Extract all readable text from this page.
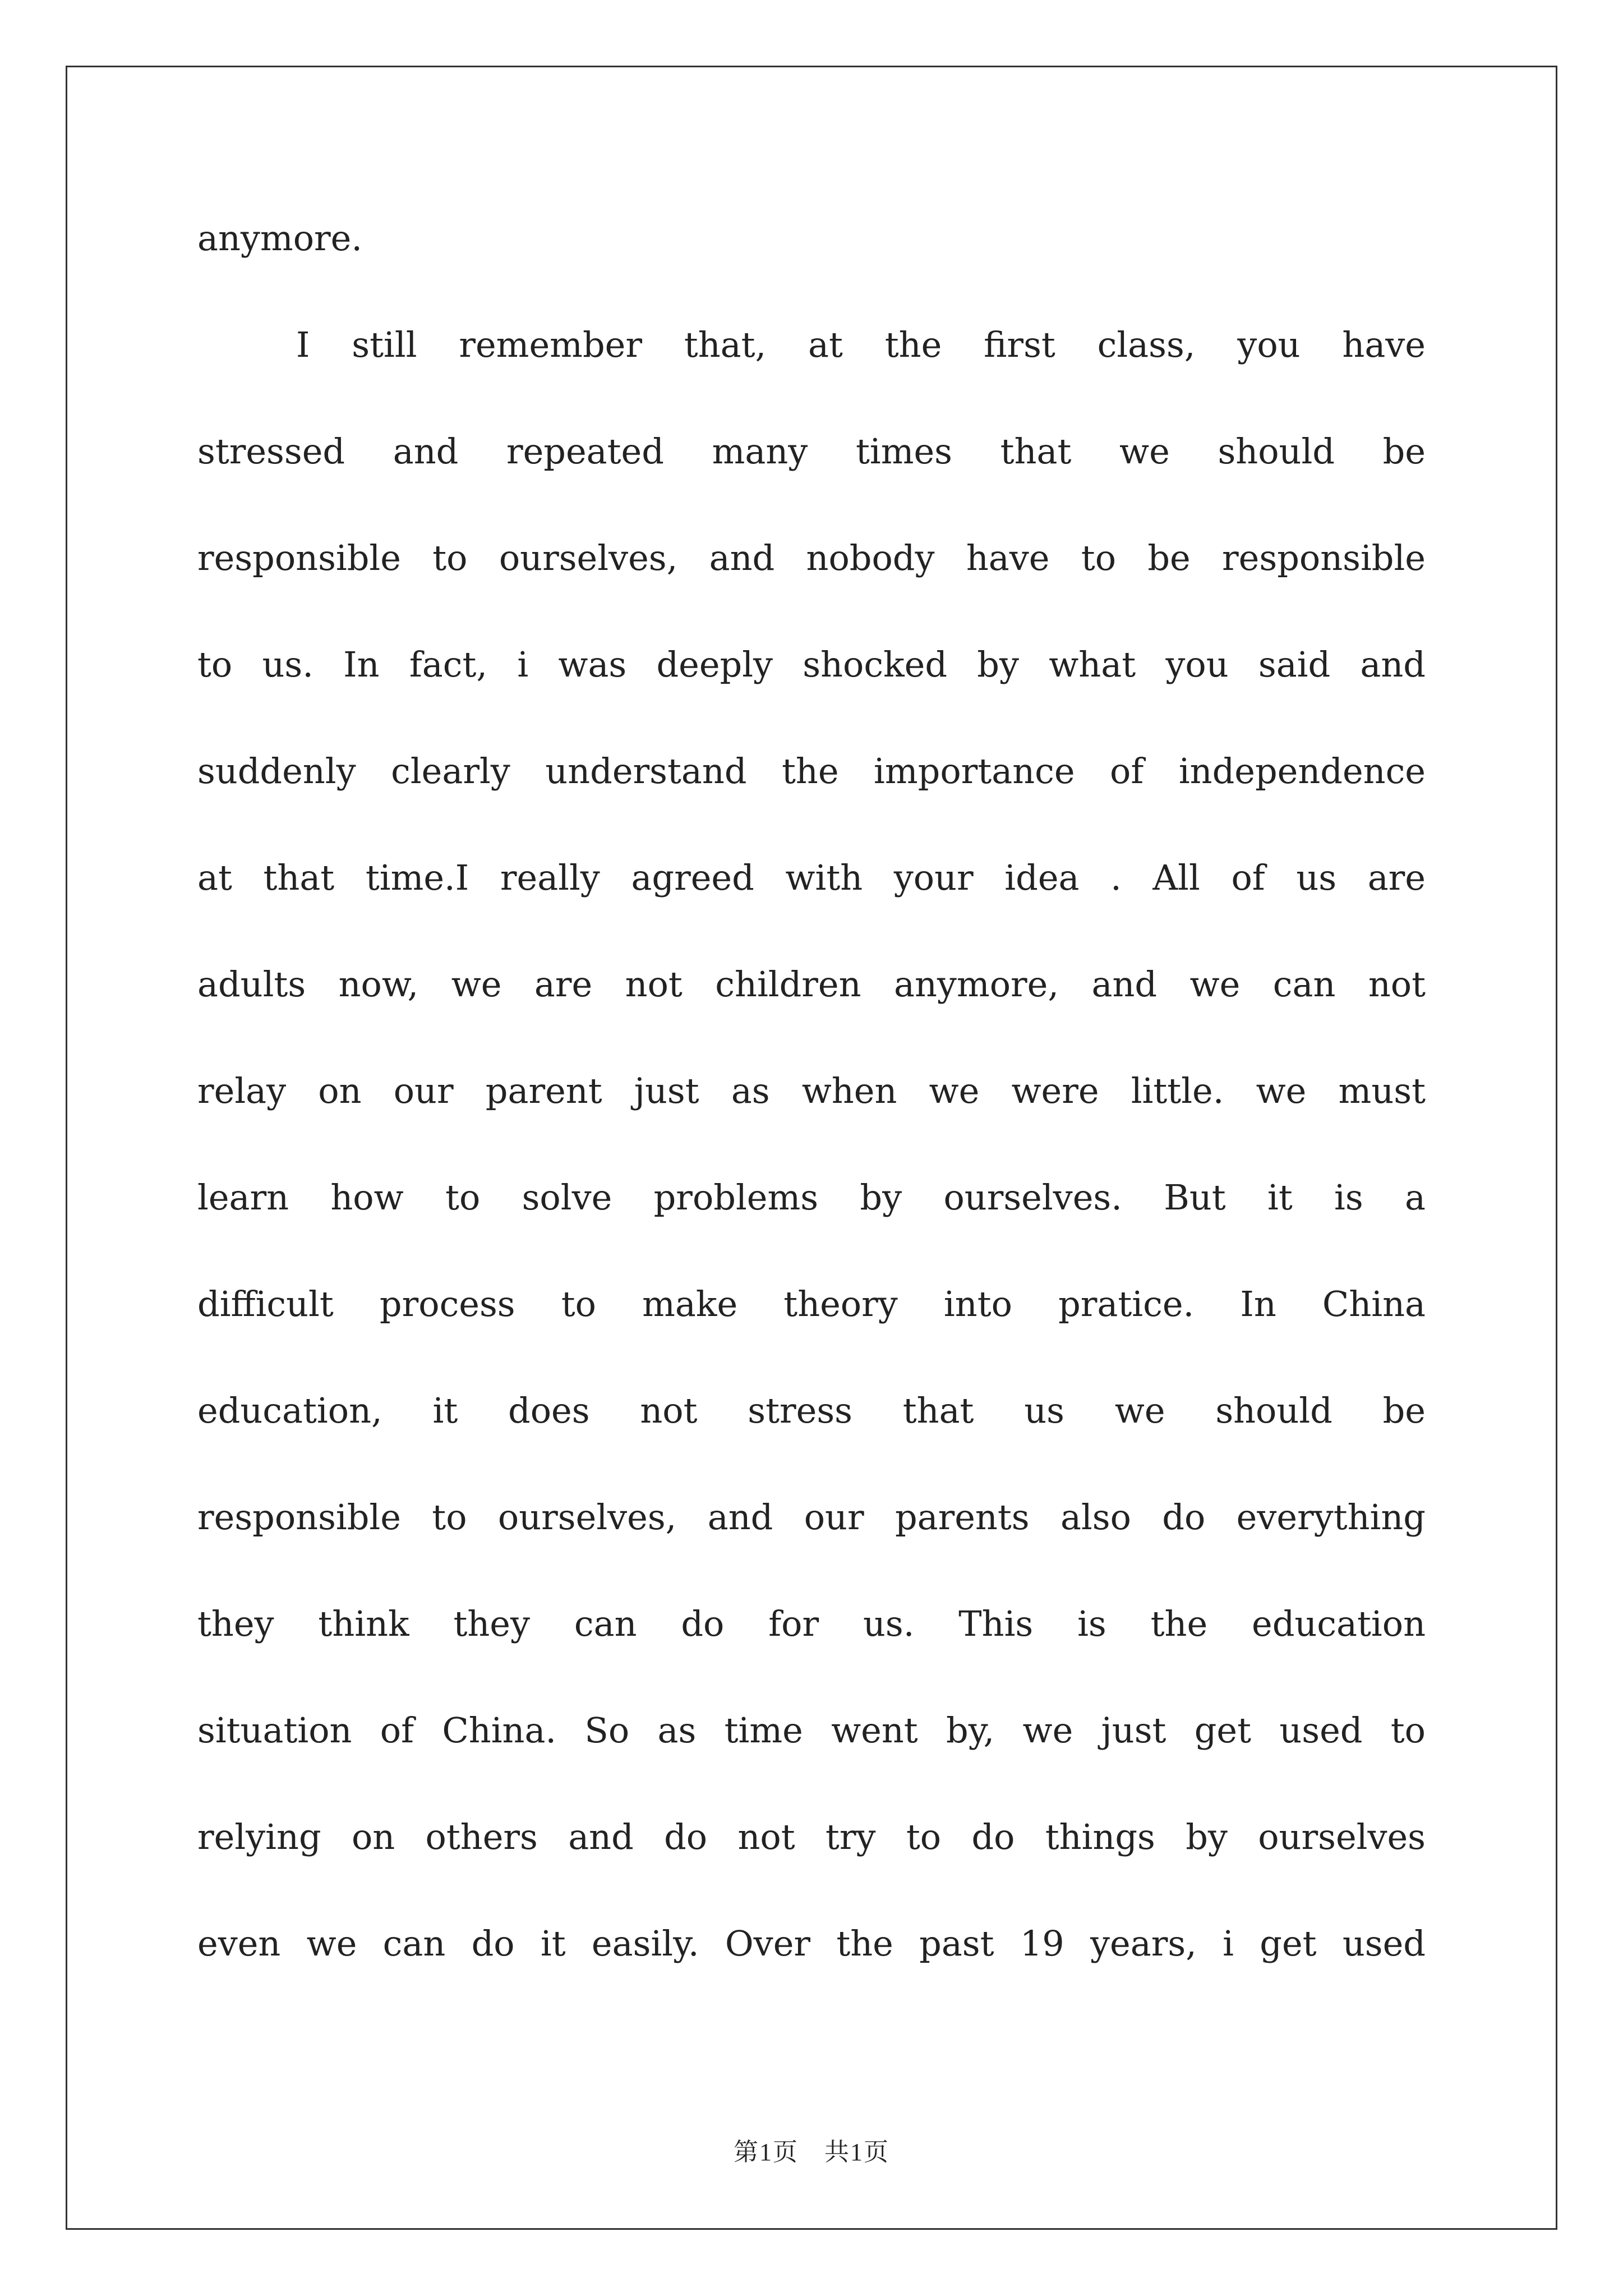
anymore.
I still remember that, at the first class, you have
stressed and repeated many times that we should be
responsible to ourselves, and nobody have to be responsible
to us. In fact, i was deeply shocked by what you said and
suddenly clearly understand the importance of independence
at that time.I really agreed with your idea . All of us are
adults now, we are not children anymore, and we can not
relay on our parent just as when we were little. we must
learn how to solve problems by ourselves. But it is a
difficult process to make theory into pratice. In China
education, it does not stress that us we should be
responsible to ourselves, and our parents also do everything
they think they can do for us. This is the education
situation of China. So as time went by, we just get used to
relying on others and do not try to do things by ourselves
even we can do it easily. Over the past 19 years, i get used
第1页　共1页
